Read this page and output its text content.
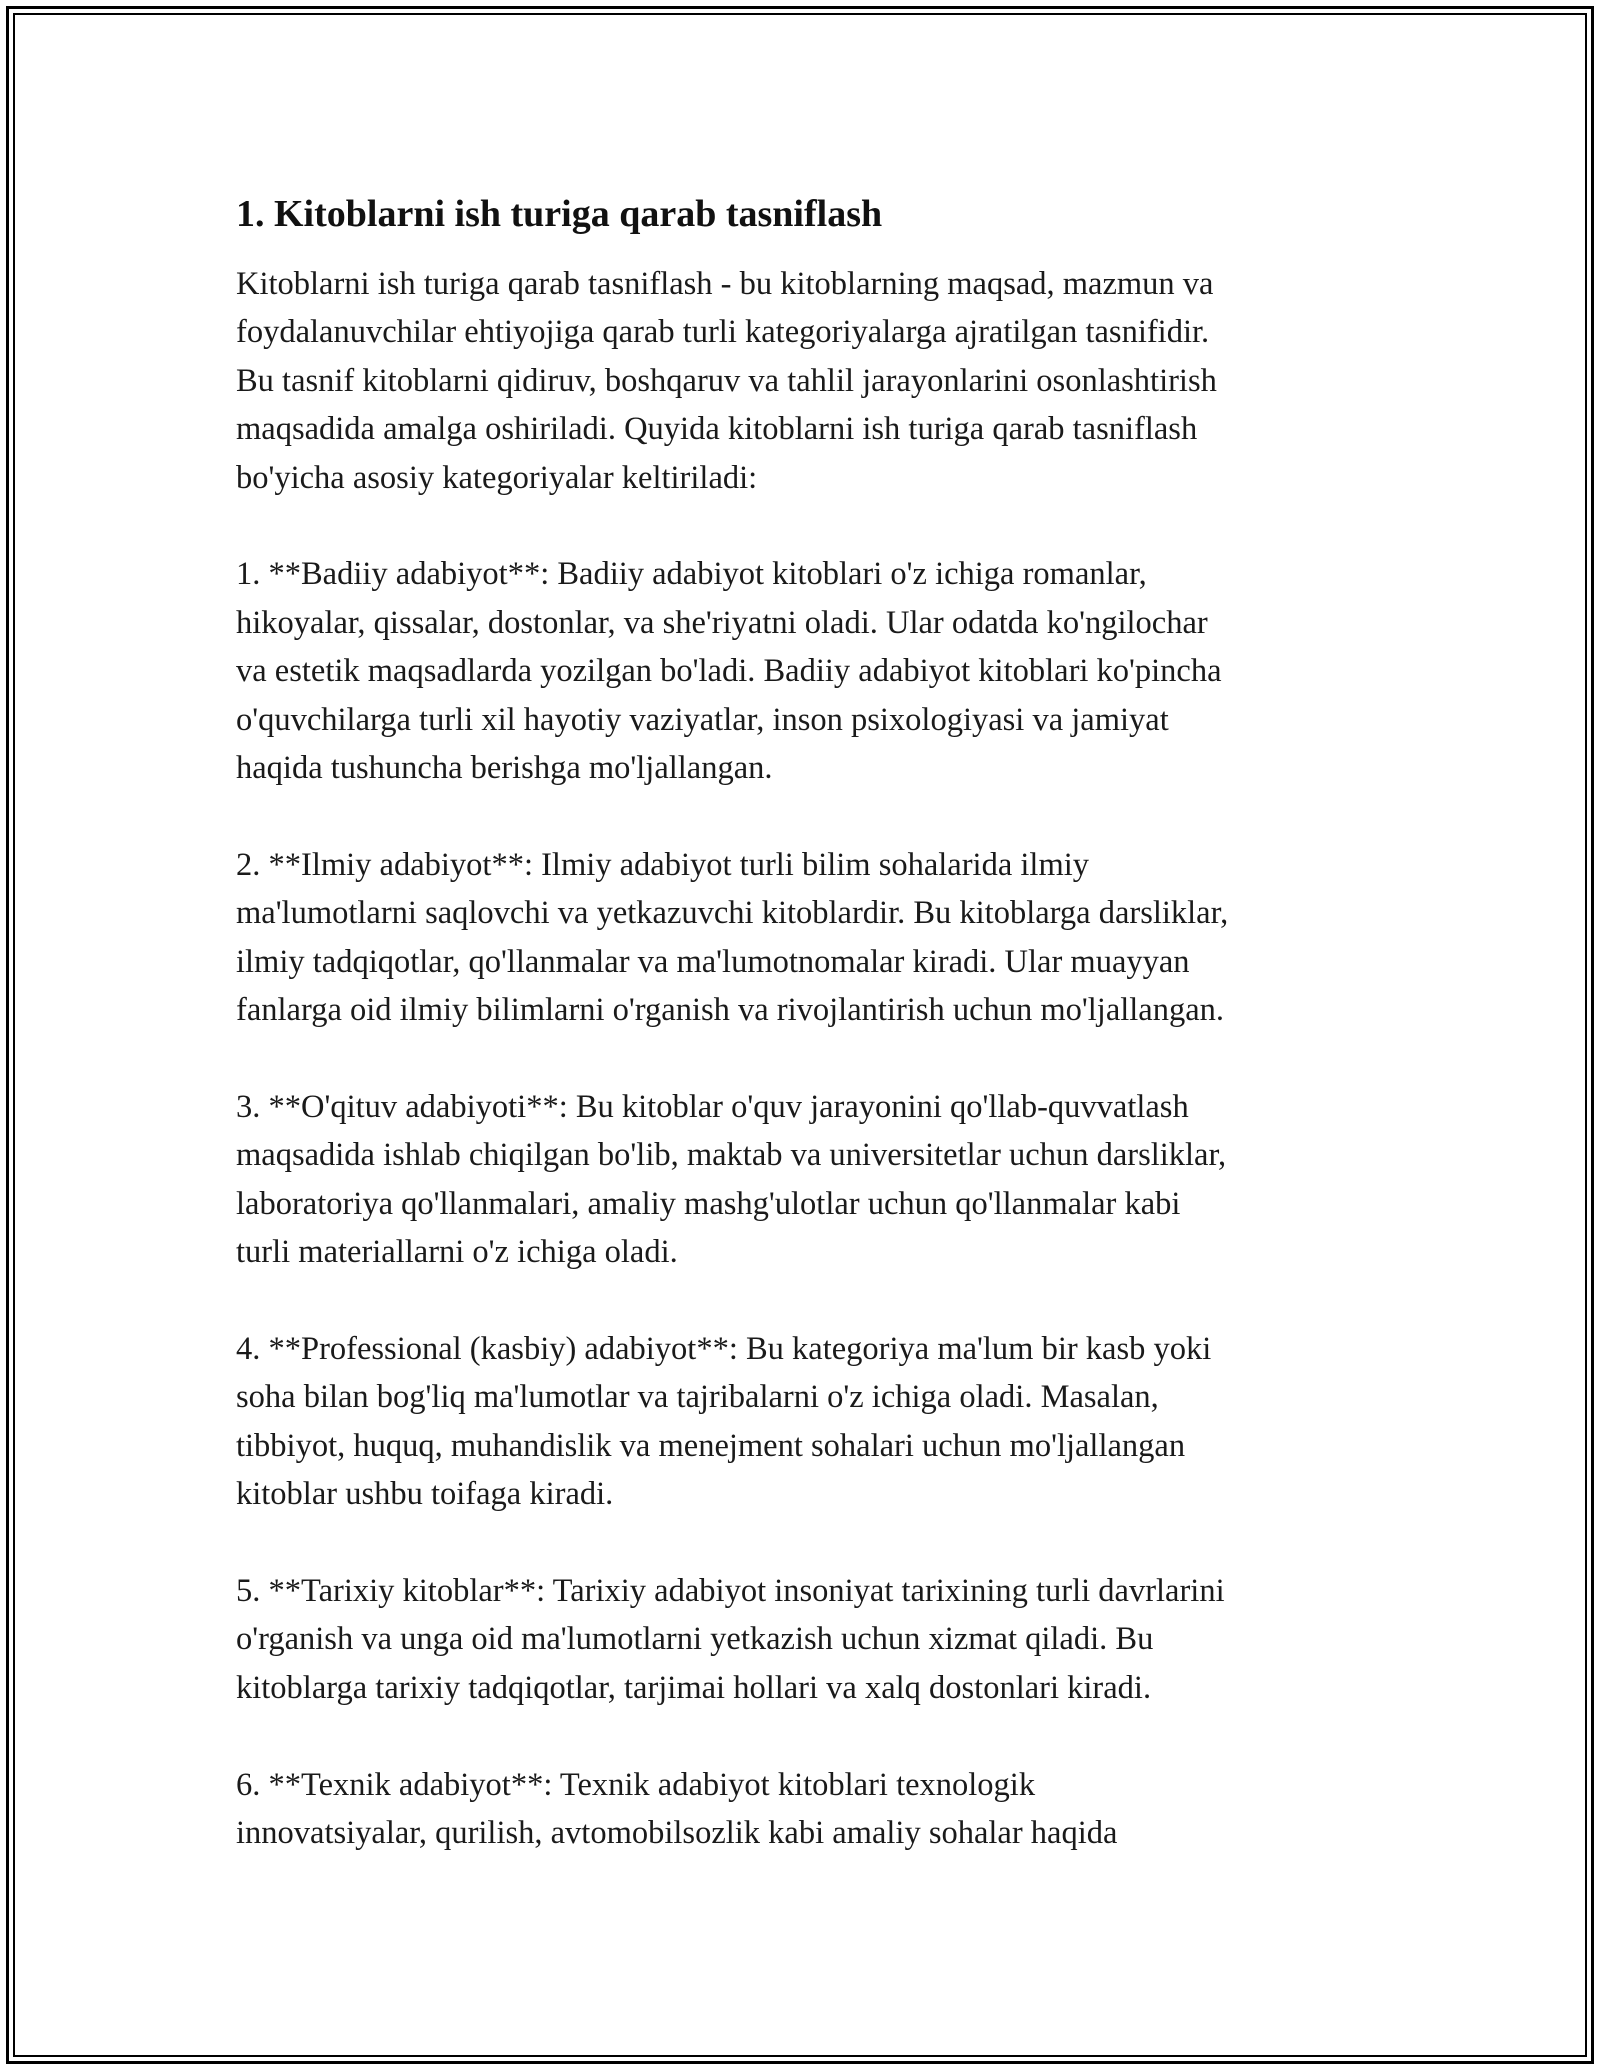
1. Kitoblarni ish turiga qarab tasniflash

Kitoblarni ish turiga qarab tasniflash - bu kitoblarning maqsad, mazmun va
foydalanuvchilar ehtiyojiga qarab turli kategoriyalarga ajratilgan tasnifidir.
Bu tasnif kitoblarni qidiruv, boshqaruv va tahlil jarayonlarini osonlashtirish
maqsadida amalga oshiriladi. Quyida kitoblarni ish turiga qarab tasniflash
bo'yicha asosiy kategoriyalar keltiriladi:

1. **Badiiy adabiyot**: Badiiy adabiyot kitoblari o'z ichiga romanlar,
hikoyalar, qissalar, dostonlar, va she'riyatni oladi. Ular odatda ko'ngilochar
va estetik maqsadlarda yozilgan bo'ladi. Badiiy adabiyot kitoblari ko'pincha
o'quvchilarga turli xil hayotiy vaziyatlar, inson psixologiyasi va jamiyat
haqida tushuncha berishga mo'ljallangan.

2. **Ilmiy adabiyot**: Ilmiy adabiyot turli bilim sohalarida ilmiy
ma'lumotlarni saqlovchi va yetkazuvchi kitoblardir. Bu kitoblarga darsliklar,
ilmiy tadqiqotlar, qo'llanmalar va ma'lumotnomalar kiradi. Ular muayyan
fanlarga oid ilmiy bilimlarni o'rganish va rivojlantirish uchun mo'ljallangan.

3. **O'qituv adabiyoti**: Bu kitoblar o'quv jarayonini qo'llab-quvvatlash
maqsadida ishlab chiqilgan bo'lib, maktab va universitetlar uchun darsliklar,
laboratoriya qo'llanmalari, amaliy mashg'ulotlar uchun qo'llanmalar kabi
turli materiallarni o'z ichiga oladi.

4. **Professional (kasbiy) adabiyot**: Bu kategoriya ma'lum bir kasb yoki
soha bilan bog'liq ma'lumotlar va tajribalarni o'z ichiga oladi. Masalan,
tibbiyot, huquq, muhandislik va menejment sohalari uchun mo'ljallangan
kitoblar ushbu toifaga kiradi.

5. **Tarixiy kitoblar**: Tarixiy adabiyot insoniyat tarixining turli davrlarini
o'rganish va unga oid ma'lumotlarni yetkazish uchun xizmat qiladi. Bu
kitoblarga tarixiy tadqiqotlar, tarjimai hollari va xalq dostonlari kiradi.

6. **Texnik adabiyot**: Texnik adabiyot kitoblari texnologik
innovatsiyalar, qurilish, avtomobilsozlik kabi amaliy sohalar haqida
